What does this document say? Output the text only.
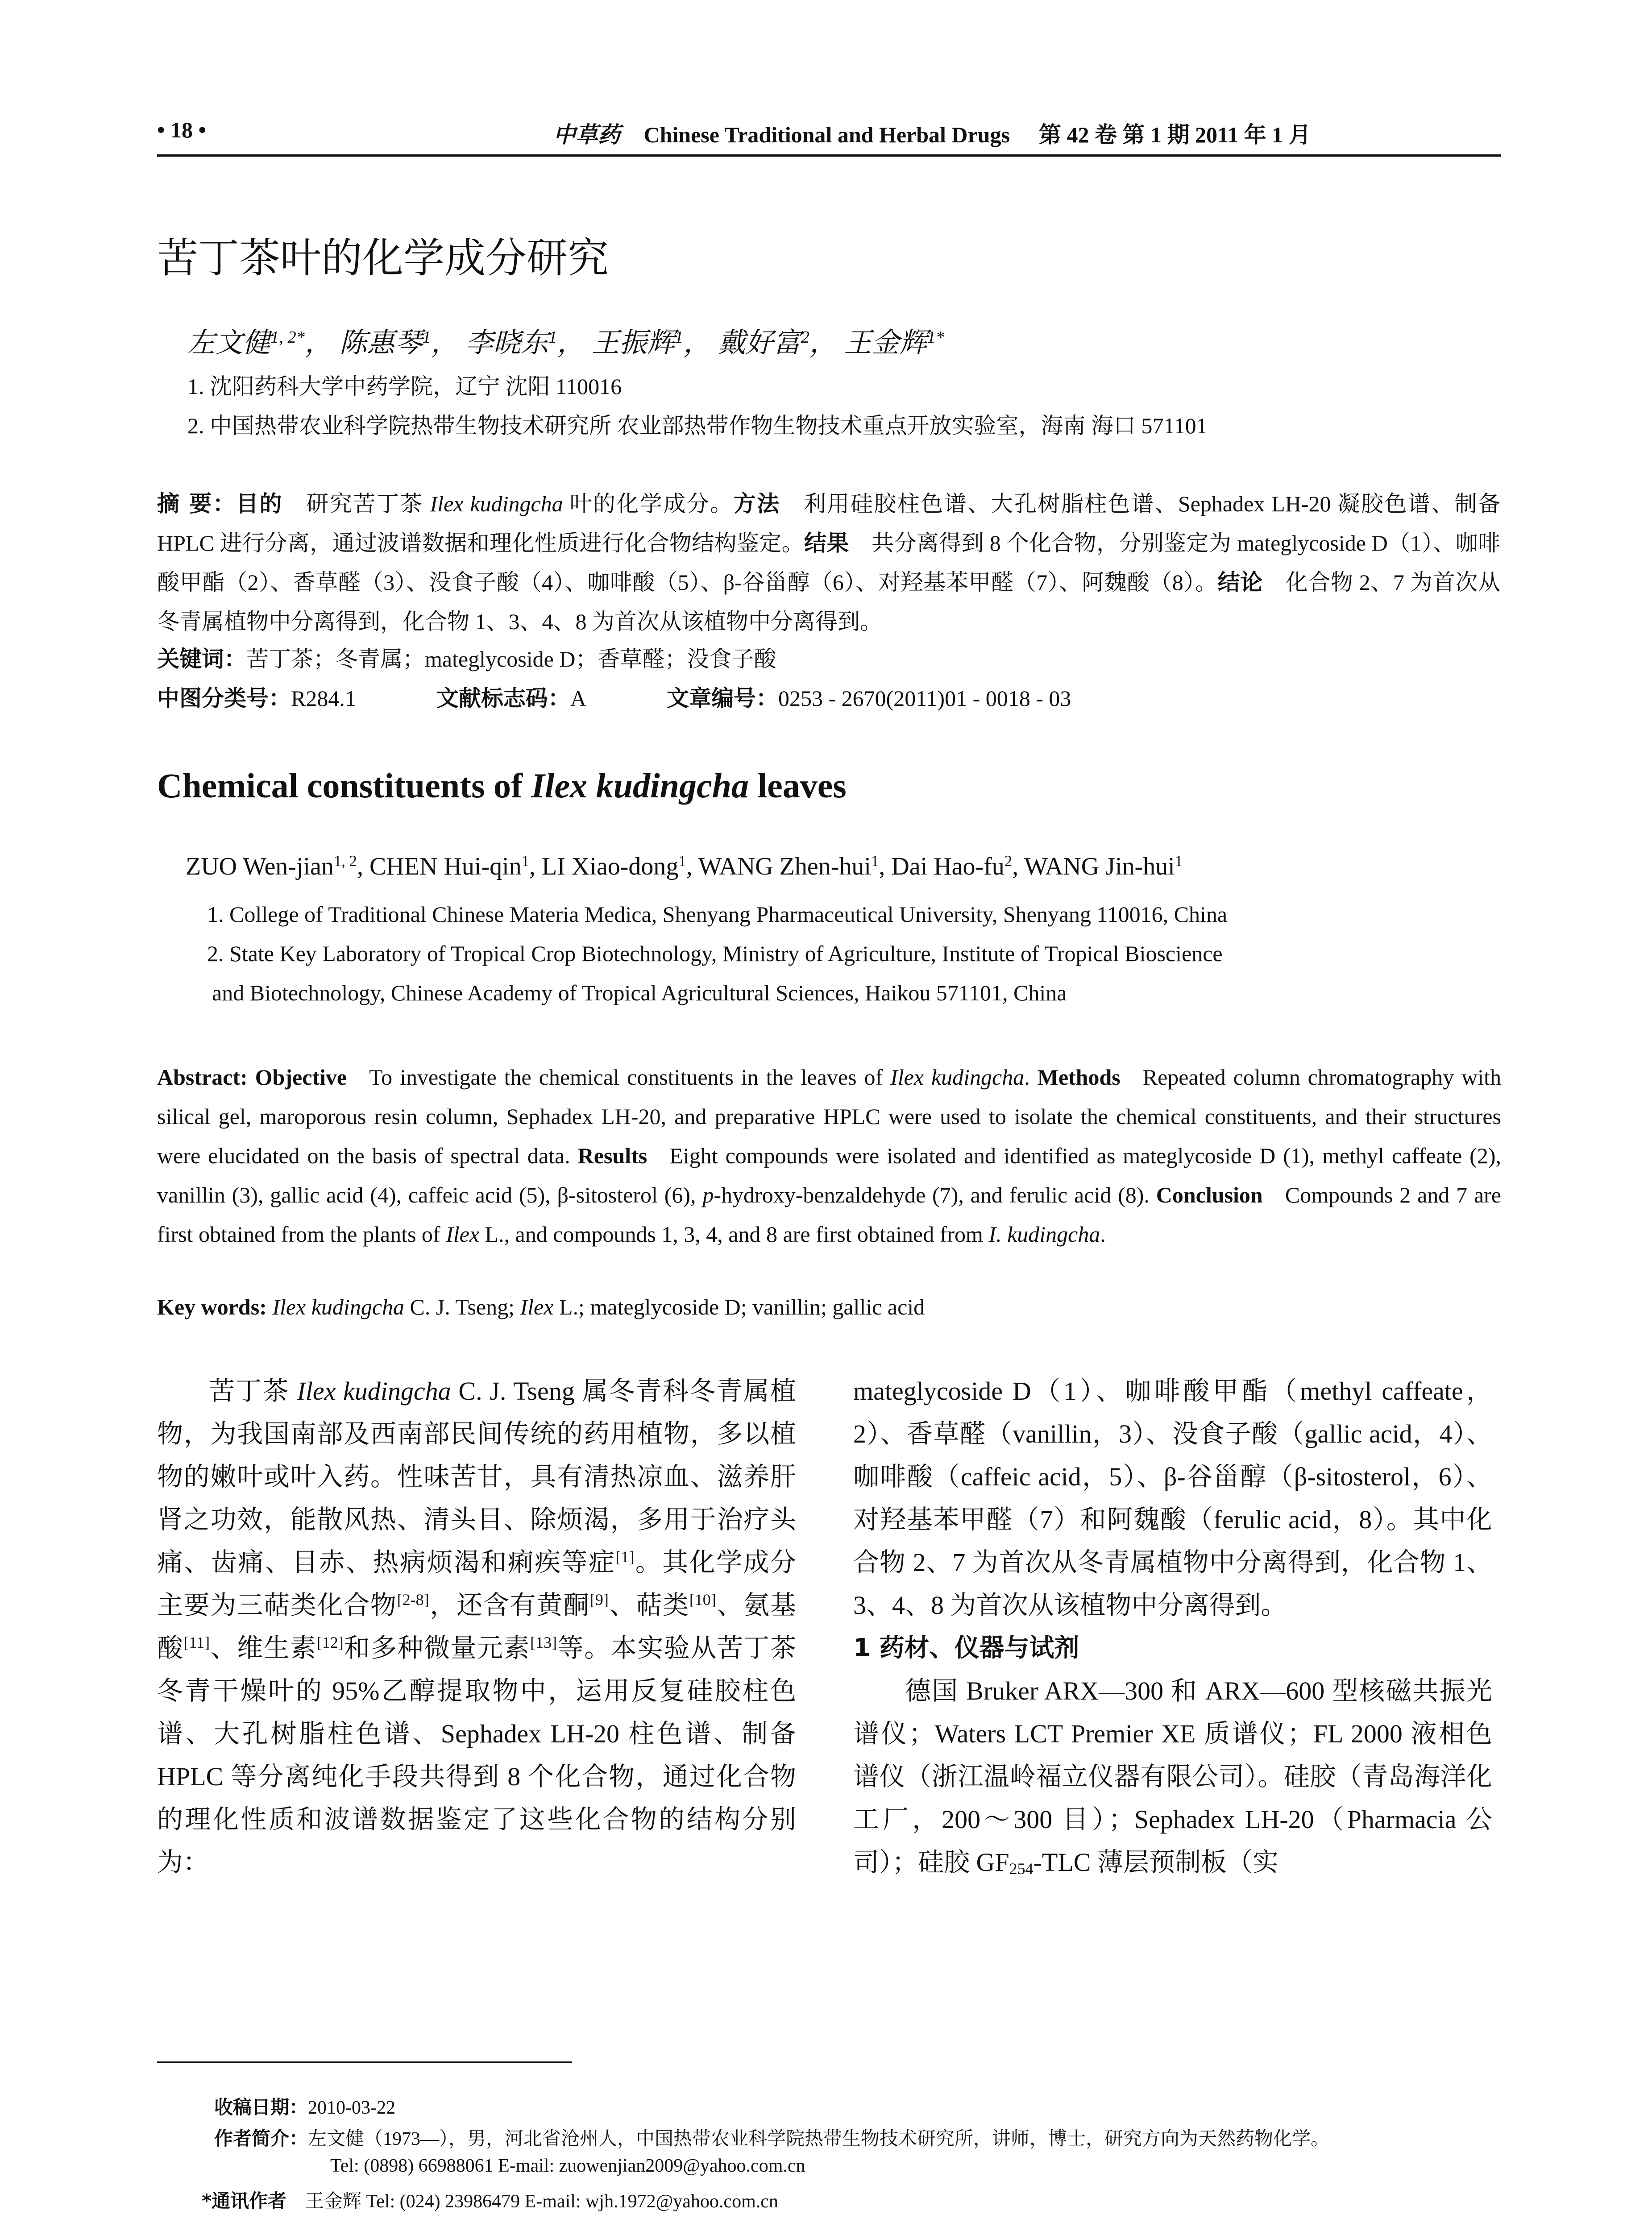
• 18 •	中草药 Chinese Traditional and Herbal Drugs 第 42 卷 第 1 期 2011 年 1 月
苦丁茶叶的化学成分研究
左文健$^{1, 2*}$， 陈惠琴$^1$， 李晓东$^1$， 王振辉$^1$， 戴好富$^2$， 王金辉$^{1*}$
1. 沈阳药科大学中药学院，辽宁 沈阳 110016
2. 中国热带农业科学院热带生物技术研究所 农业部热带作物生物技术重点开放实验室，海南 海口 571101
摘 要：目的  研究苦丁茶 Ilex kudingcha 叶的化学成分。方法  利用硅胶柱色谱、大孔树脂柱色谱、Sephadex LH-20 凝胶色谱、制备 HPLC 进行分离，通过波谱数据和理化性质进行化合物结构鉴定。结果  共分离得到 8 个化合物，分别鉴定为 mateglycoside D（1）、咖啡酸甲酯（2）、香草醛（3）、没食子酸（4）、咖啡酸（5）、β-谷甾醇（6）、对羟基苯甲醛（7）、阿魏酸（8）。结论  化合物 2、7 为首次从冬青属植物中分离得到，化合物 1、3、4、8 为首次从该植物中分离得到。
关键词：苦丁茶；冬青属；mateglycoside D；香草醛；没食子酸
中图分类号：R284.1	文献标志码：A	文章编号：0253 - 2670(2011)01 - 0018 - 03
Chemical constituents of Ilex kudingcha leaves
ZUO Wen-jian$^{1, 2}$, CHEN Hui-qin$^1$, LI Xiao-dong$^1$, WANG Zhen-hui$^1$, Dai Hao-$fu^2$, WANG Jin-hui$^1$
1. College of Traditional Chinese Materia Medica, Shenyang Pharmaceutical University, Shenyang 110016, China
2. State Key Laboratory of Tropical Crop Biotechnology, Ministry of Agriculture, Institute of Tropical Bioscience
and Biotechnology, Chinese Academy of Tropical Agricultural Sciences, Haikou 571101, China
Abstract: Objective   To investigate the chemical constituents in the leaves of Ilex kudingcha. Methods   Repeated column chromatography with silical gel, maroporous resin column, Sephadex LH-20, and preparative HPLC were used to isolate the chemical constituents, and their structures were elucidated on the basis of spectral data. Results   Eight compounds were isolated and identified as mateglycoside D (1), methyl caffeate (2), vanillin (3), gallic acid (4), caffeic acid (5), β-sitosterol (6), p-hydroxy-benzaldehyde (7), and ferulic acid (8). Conclusion   Compounds 2 and 7 are first obtained from the plants of Ilex L., and compounds 1, 3, 4, and 8 are first obtained from I. kudingcha.
Key words: Ilex kudingcha C. J. Tseng; Ilex L.; mateglycoside D; vanillin; gallic acid

苦丁茶 Ilex kudingcha C. J. Tseng 属冬青科冬青属植物，为我国南部及西南部民间传统的药用植物，多以植物的嫩叶或叶入药。性味苦甘，具有清热凉血、滋养肝肾之功效，能散风热、清头目、除烦渴，多用于治疗头痛、齿痛、目赤、热病烦渴和痢疾等症[1]。其化学成分主要为三萜类化合物[2-8]，还含有黄酮[9]、萜类[10]、氨基酸[11]、维生素[12]和多种微量元素[13]等。本实验从苦丁茶冬青干燥叶的 95%乙醇提取物中，运用反复硅胶柱色谱、大孔树脂柱色谱、Sephadex LH-20 柱色谱、制备 HPLC 等分离纯化手段共得到 8 个化合物，通过化合物的理化性质和波谱数据鉴定了这些化合物的结构分别为：

mateglycoside D（1）、咖啡酸甲酯（methyl caffeate，2）、香草醛（vanillin，3）、没食子酸（gallic acid，4）、咖啡酸（caffeic acid，5）、β-谷甾醇（β-sitosterol，6）、对羟基苯甲醛（7）和阿魏酸（ferulic acid，8）。其中化合物 2、7 为首次从冬青属植物中分离得到，化合物 1、3、4、8 为首次从该植物中分离得到。

1 药材、仪器与试剂

德国 Bruker ARX—300 和 ARX—600 型核磁共振光谱仪；Waters LCT Premier XE 质谱仪；FL 2000 液相色谱仪（浙江温岭福立仪器有限公司）。硅胶（青岛海洋化工厂，200～300 目）；Sephadex LH-20（Pharmacia 公司）；硅胶 $GF_{254}$-TLC 薄层预制板（实

收稿日期：2010-03-22
作者简介：左文健（1973—），男，河北省沧州人，中国热带农业科学院热带生物技术研究所，讲师，博士，研究方向为天然药物化学。
Tel: (0898) 66988061 E-mail: zuowenjian2009@yahoo.com.cn
*通讯作者   王金辉 Tel: (024) 23986479 E-mail: wjh.1972@yahoo.com.cn
